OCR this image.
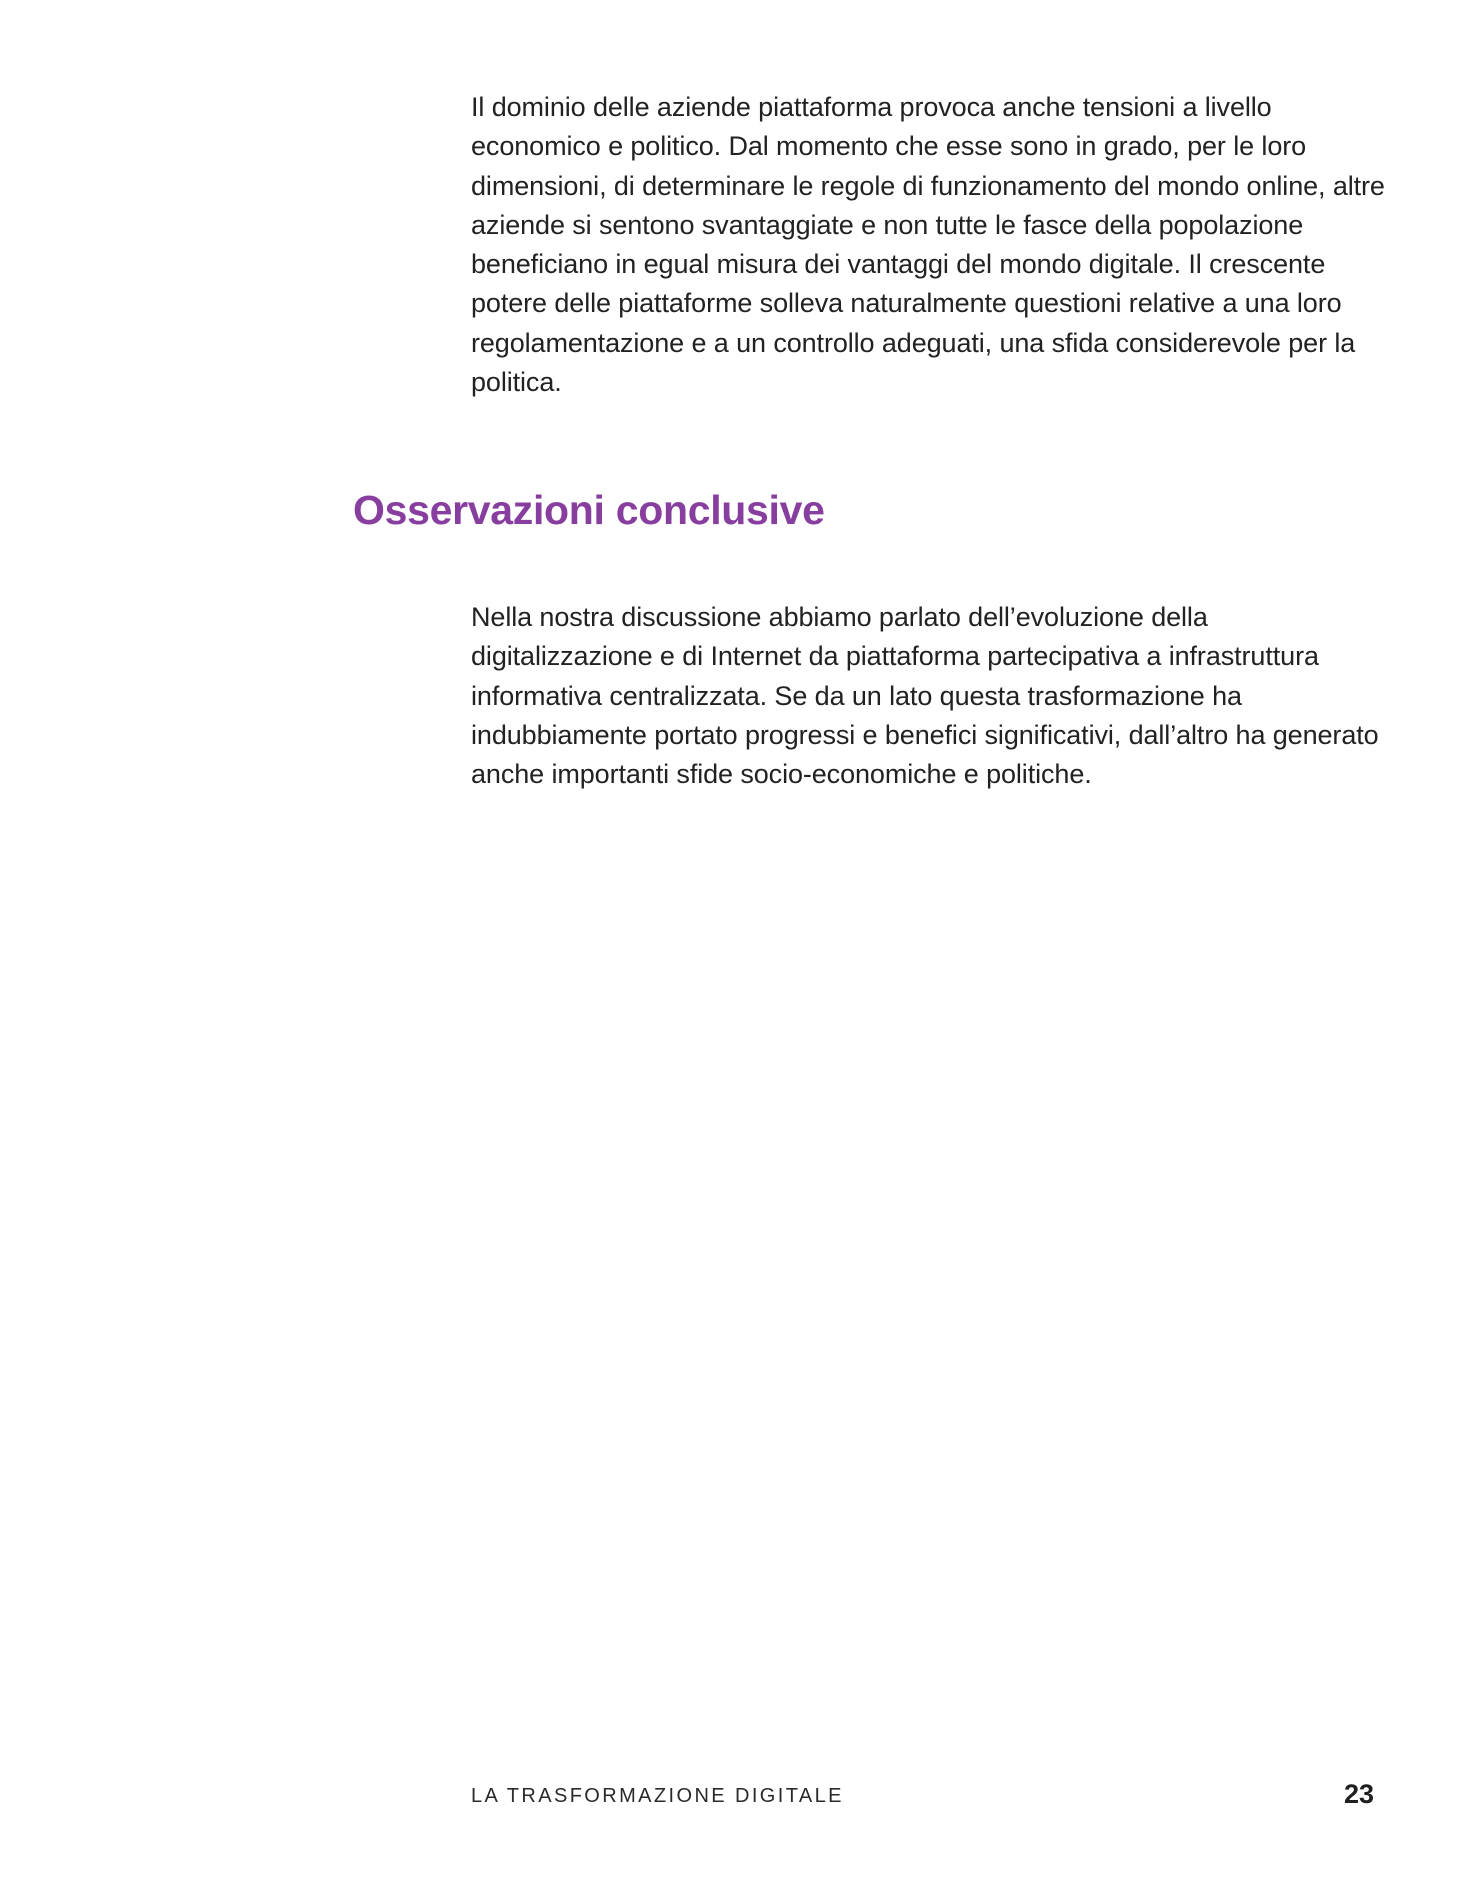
Il dominio delle aziende piattaforma provoca anche tensioni a livello economico e politico. Dal momento che esse sono in grado, per le loro dimensioni, di determinare le regole di funzionamento del mondo online, altre aziende si sentono svantaggiate e non tutte le fasce della popolazione beneficiano in egual misura dei vantaggi del mondo digitale. Il crescente potere delle piattaforme solleva naturalmente questioni relative a una loro regolamentazione e a un controllo adeguati, una sfida considerevole per la politica.

Osservazioni conclusive

Nella nostra discussione abbiamo parlato dell’evoluzione della digitalizzazione e di Internet da piattaforma partecipativa a infrastruttura informativa centralizzata. Se da un lato questa trasformazione ha indubbiamente portato progressi e benefici significativi, dall’altro ha generato anche importanti sfide socio-economiche e politiche.

LA TRASFORMAZIONE DIGITALE	23
